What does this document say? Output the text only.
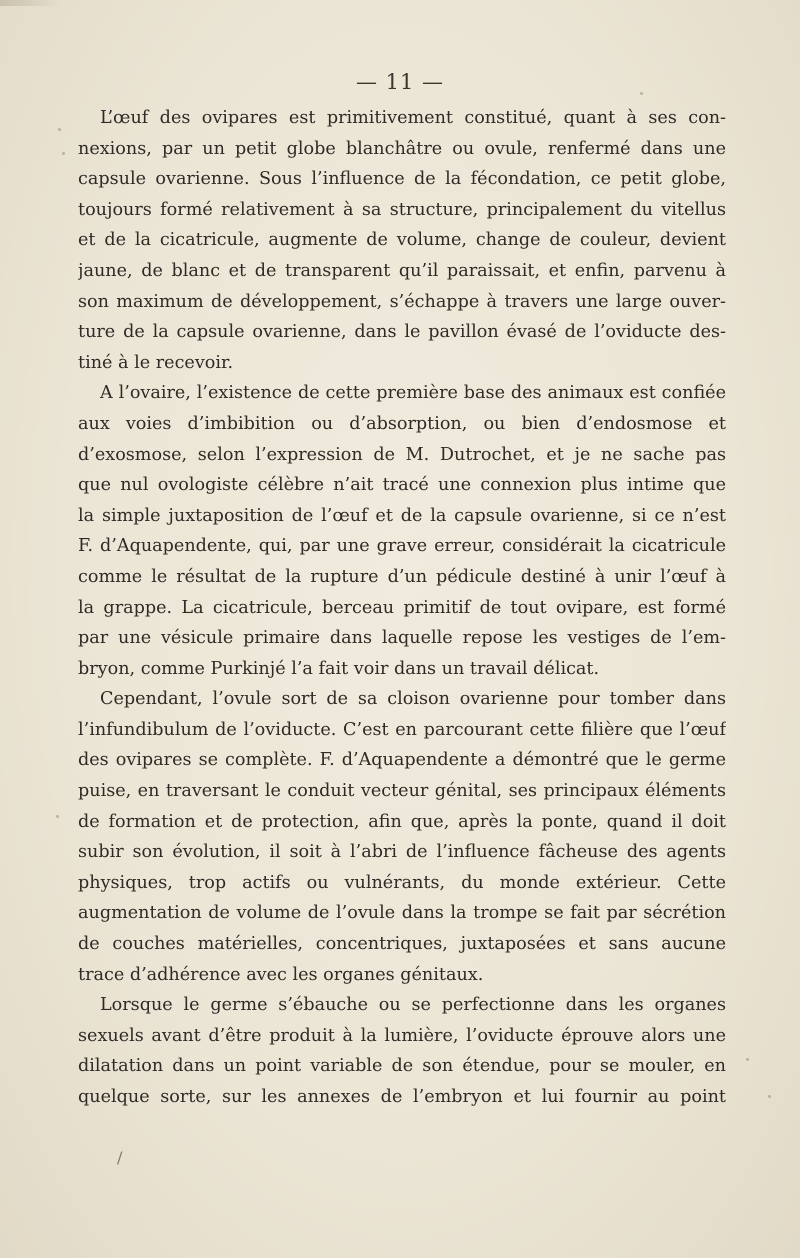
— 11 —
L’œuf des ovipares est primitivement constitué, quant à ses con-
nexions, par un petit globe blanchâtre ou ovule, renfermé dans une
capsule ovarienne. Sous l’influence de la fécondation, ce petit globe,
toujours formé relativement à sa structure, principalement du vitellus
et de la cicatricule, augmente de volume, change de couleur, devient
jaune, de blanc et de transparent qu’il paraissait, et enfin, parvenu à
son maximum de développement, s’échappe à travers une large ouver-
ture de la capsule ovarienne, dans le pavillon évasé de l’oviducte des-
tiné à le recevoir.
A l’ovaire, l’existence de cette première base des animaux est confiée
aux voies d’imbibition ou d’absorption, ou bien d’endosmose et
d’exosmose, selon l’expression de M. Dutrochet, et je ne sache pas
que nul ovologiste célèbre n’ait tracé une connexion plus intime que
la simple juxtaposition de l’œuf et de la capsule ovarienne, si ce n’est
F. d’Aquapendente, qui, par une grave erreur, considérait la cicatricule
comme le résultat de la rupture d’un pédicule destiné à unir l’œuf à
la grappe. La cicatricule, berceau primitif de tout ovipare, est formé
par une vésicule primaire dans laquelle repose les vestiges de l’em-
bryon, comme Purkinjé l’a fait voir dans un travail délicat.
Cependant, l’ovule sort de sa cloison ovarienne pour tomber dans
l’infundibulum de l’oviducte. C’est en parcourant cette filière que l’œuf
des ovipares se complète. F. d’Aquapendente a démontré que le germe
puise, en traversant le conduit vecteur génital, ses principaux éléments
de formation et de protection, afin que, après la ponte, quand il doit
subir son évolution, il soit à l’abri de l’influence fâcheuse des agents
physiques, trop actifs ou vulnérants, du monde extérieur. Cette
augmentation de volume de l’ovule dans la trompe se fait par sécrétion
de couches matérielles, concentriques, juxtaposées et sans aucune
trace d’adhérence avec les organes génitaux.
Lorsque le germe s’ébauche ou se perfectionne dans les organes
sexuels avant d’être produit à la lumière, l’oviducte éprouve alors une
dilatation dans un point variable de son étendue, pour se mouler, en
quelque sorte, sur les annexes de l’embryon et lui fournir au point
/
